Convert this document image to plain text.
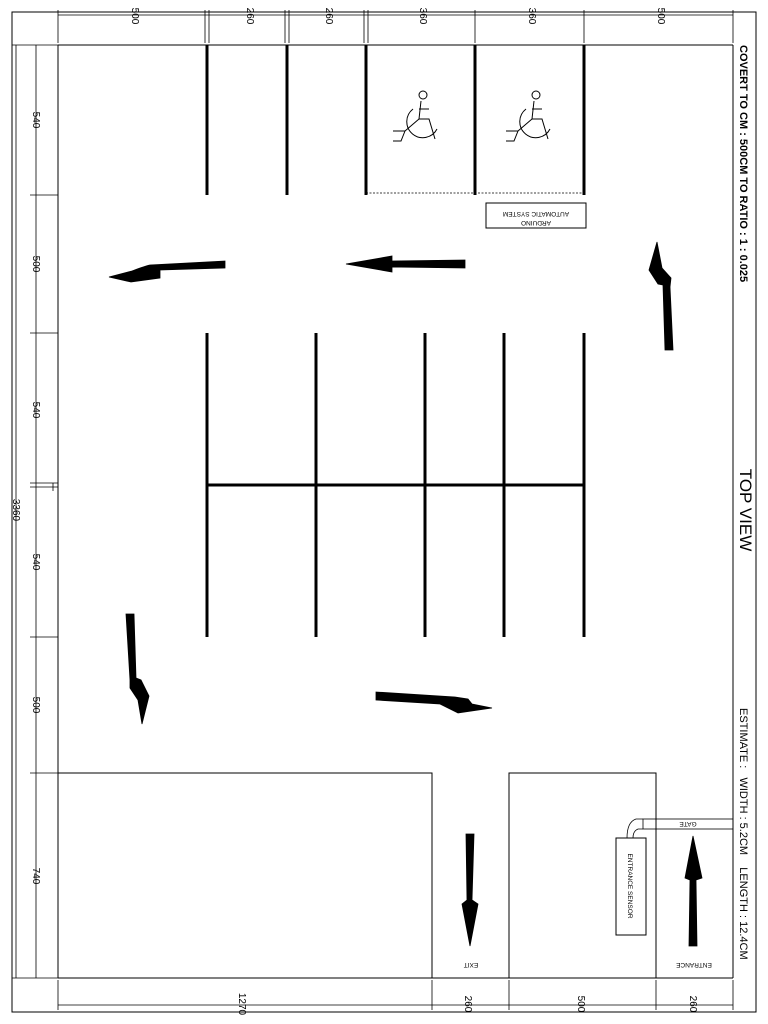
AUTOMATIC SYSTEM
ARDUINO
GATE
ENTRANCE SENSOR
EXIT	ENTRANCE
500	260	260	360	360	500
540
500
540
540
500
740
3360
1270	260	500	260
COVERT TO CM : 500CM TO RATIO : 1 : 0.025
TOP VIEW
ESTIMATE :   WIDTH : 5.2CM    LENGTH : 12.4CM
